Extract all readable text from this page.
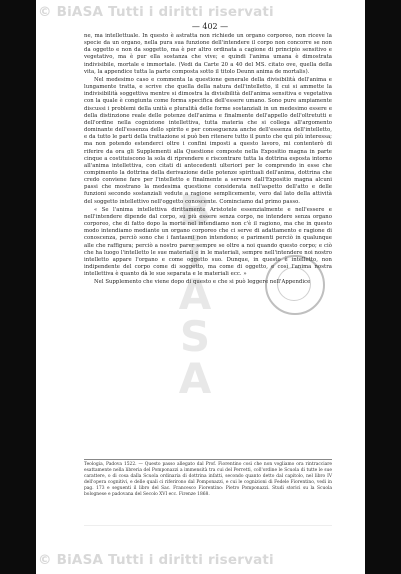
© BiASA Tutti i diritti riservati
© BiASA Tutti i diritti riservati
B
i
A
S
A
— 402 —

ne, ma intellettuale. In questo è astratta non richiede un organo corporeo, non riceve la specie da un organo, nella pura sua funzione dell'intendere il corpo non concorre se non da oggetto e non da soggetto, ma è per altro ordinata a cagione di principio sensitivo e vegetativo, ma è pur ella sostanza che vive; e quindi l'anima umana è dimostrata indivisibile, mortale e immortale. (Vedi da Carte 20 a 40 del MS. citato ove, quella della vita, la appendice tutta la parte composta sotto il titolo Deunn anima de mortalis).

Nel medesimo caso e commenta la questione generale della divisibilità dell'anima e lungamente tratta, e scrive che quella della natura dell'intelletto, il cui si ammette la indivisibilità soggettiva mentre si dimostra la divisibilità dell'anima sensitiva e vegetativa con la quale è congiunta come forma specifica dell'essere umano. Sono pure ampiamente discussi i problemi della unità e pluralità delle forme sostanziali in un medesimo essere e della distinzione reale delle potenze dell'anima e finalmente dell'appello dell'oltretutti e dell'ordine nella cognizione intellettiva, tutta materia che si collega all'argomento dominante dell'essenza dello spirito e per conseguenza anche dell'essenza dell'intelletto, e da tutto le parti della trattazione si può ben ritenere tutto il punto che qui più interessa; ma non potendo estenderci oltre i confini imposti a questo lavoro, mi contenterò di riferire da ora gli Supplementi alla Questione composte nella Expositio magna in parte cinque a costituiscono la sola di riprendere e riscontrare tutta la dottrina esposta intorno all'anima intellettiva, con citati di antecedenti ulteriori per le comprendo in esse che compimento la dottrina della derivazione delle potenze spirituali dell'anima, dottrina che credo conviene fare per l'intelletto e finalmente a servare dall'Expositio magna alcuni passi che mostrano la medesima questione considerata nell'aspetto dell'atto e delle funzioni secondo sostanziali vedute a ragione semplicemente, vero dal lato della attività del soggetto intellettivo nell'oggetto conoscente. Cominciamo dal primo passo.

« Se l'anima intellettiva dirittamente Aristotele essenzialmente e nell'essere e nell'intendere dipende dal corpo, su più essere senza corpo, ne intendere senza organo corporeo, che di fatto dopo la morte nel intendiamo non c'è il ragiono, ma che in questo modo intendiamo mediante un organo corporeo che ci serve di adattamento e ragione di conoscenza, perciò sono che i fantasmi non intendono; e parimenti perciò in qualunque alle che raffigura; perciò a nostro parer sempre se oltre a noi quando questo corpo; e ciò che ha luogo l'intelletto le sue materiali e in le materiali, sempre nell'intendere noi nostro intelletto appare l'organo e come oggetto suo. Dunque, in questo è intelletto, non indipendente del corpo come di soggetto, ma come di oggetto, e così l'anima nostra intellettiva è quanto dà le sue separata e le materiali ecc. »

Nel Supplemento che viene dopo di questo e che si può leggere nell'Appendice

Teologia, Padova 1522. — Questo passo allegato dal Prof. Fiorentino così che non vogliamo ora rintracciare esattamente nella libreria del Pomponazzi a immensità tra cui del Perretti, coll'ordine le Scuola di tutte le sue carattere, o di cosa dalla Scuola ordinaria di dottrina infatti, secondo quanto detto dal capitolo, nel libro IV dell'opera cognitivi, e delle quali ci riferirono dal Pomponazzi, e cui le cognizioni di Fedele Fiorentino, vedi in pag. 173 e seguenti il libro del Sac. Francesco Fiorentino: Pietro Pomponazzi. Studi storici su la Scuola bolognese e padovana del Secolo XVI ecc. Firenze 1868.
